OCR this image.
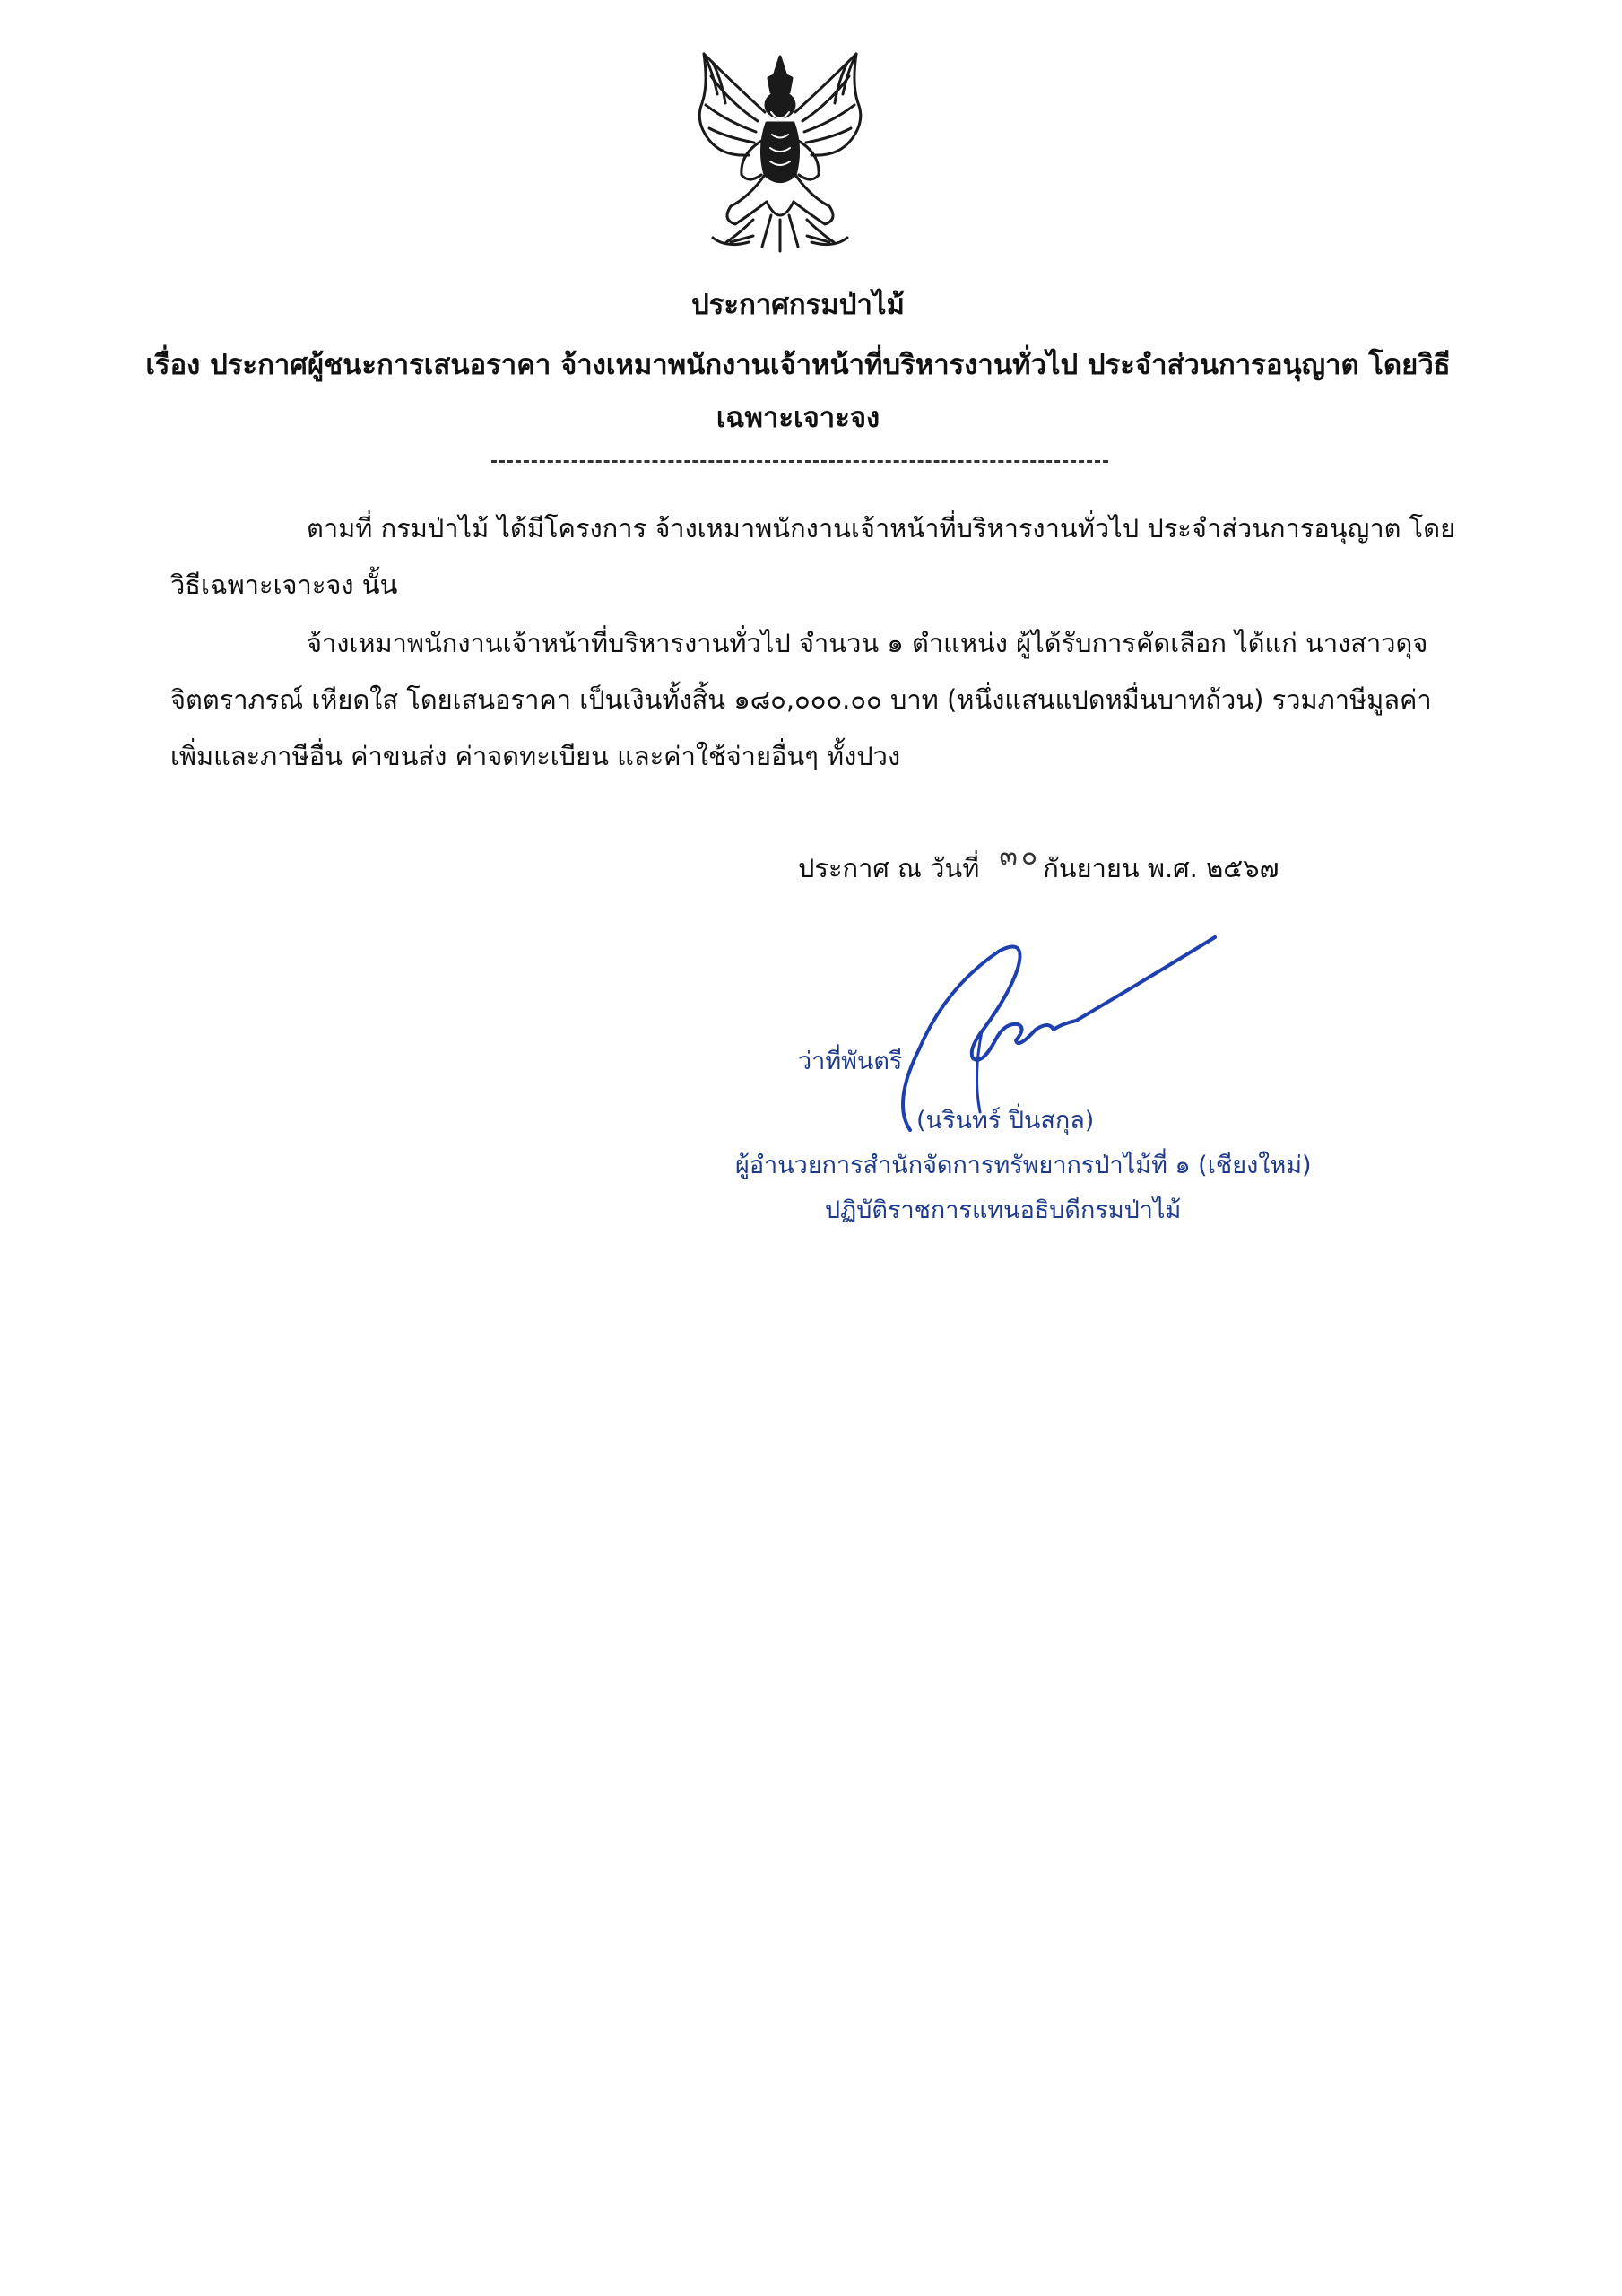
ประกาศกรมป่าไม้
เรื่อง ประกาศผู้ชนะการเสนอราคา จ้างเหมาพนักงานเจ้าหน้าที่บริหารงานทั่วไป ประจำส่วนการอนุญาต โดยวิธี
เฉพาะเจาะจง
ตามที่ กรมป่าไม้ ได้มีโครงการ จ้างเหมาพนักงานเจ้าหน้าที่บริหารงานทั่วไป ประจำส่วนการอนุญาต โดย
วิธีเฉพาะเจาะจง นั้น
จ้างเหมาพนักงานเจ้าหน้าที่บริหารงานทั่วไป จำนวน ๑ ตำแหน่ง ผู้ได้รับการคัดเลือก ได้แก่ นางสาวดุจ
จิตตราภรณ์ เหียดใส โดยเสนอราคา เป็นเงินทั้งสิ้น ๑๘๐,๐๐๐.๐๐ บาท (หนึ่งแสนแปดหมื่นบาทถ้วน) รวมภาษีมูลค่า
เพิ่มและภาษีอื่น ค่าขนส่ง ค่าจดทะเบียน และค่าใช้จ่ายอื่นๆ ทั้งปวง
ประกาศ ณ วันที่ ๓๐กันยายน พ.ศ. ๒๕๖๗
ว่าที่พันตรี
(นรินทร์ ปิ่นสกุล)
ผู้อำนวยการสำนักจัดการทรัพยากรป่าไม้ที่ ๑ (เชียงใหม่)
ปฏิบัติราชการแทนอธิบดีกรมป่าไม้
